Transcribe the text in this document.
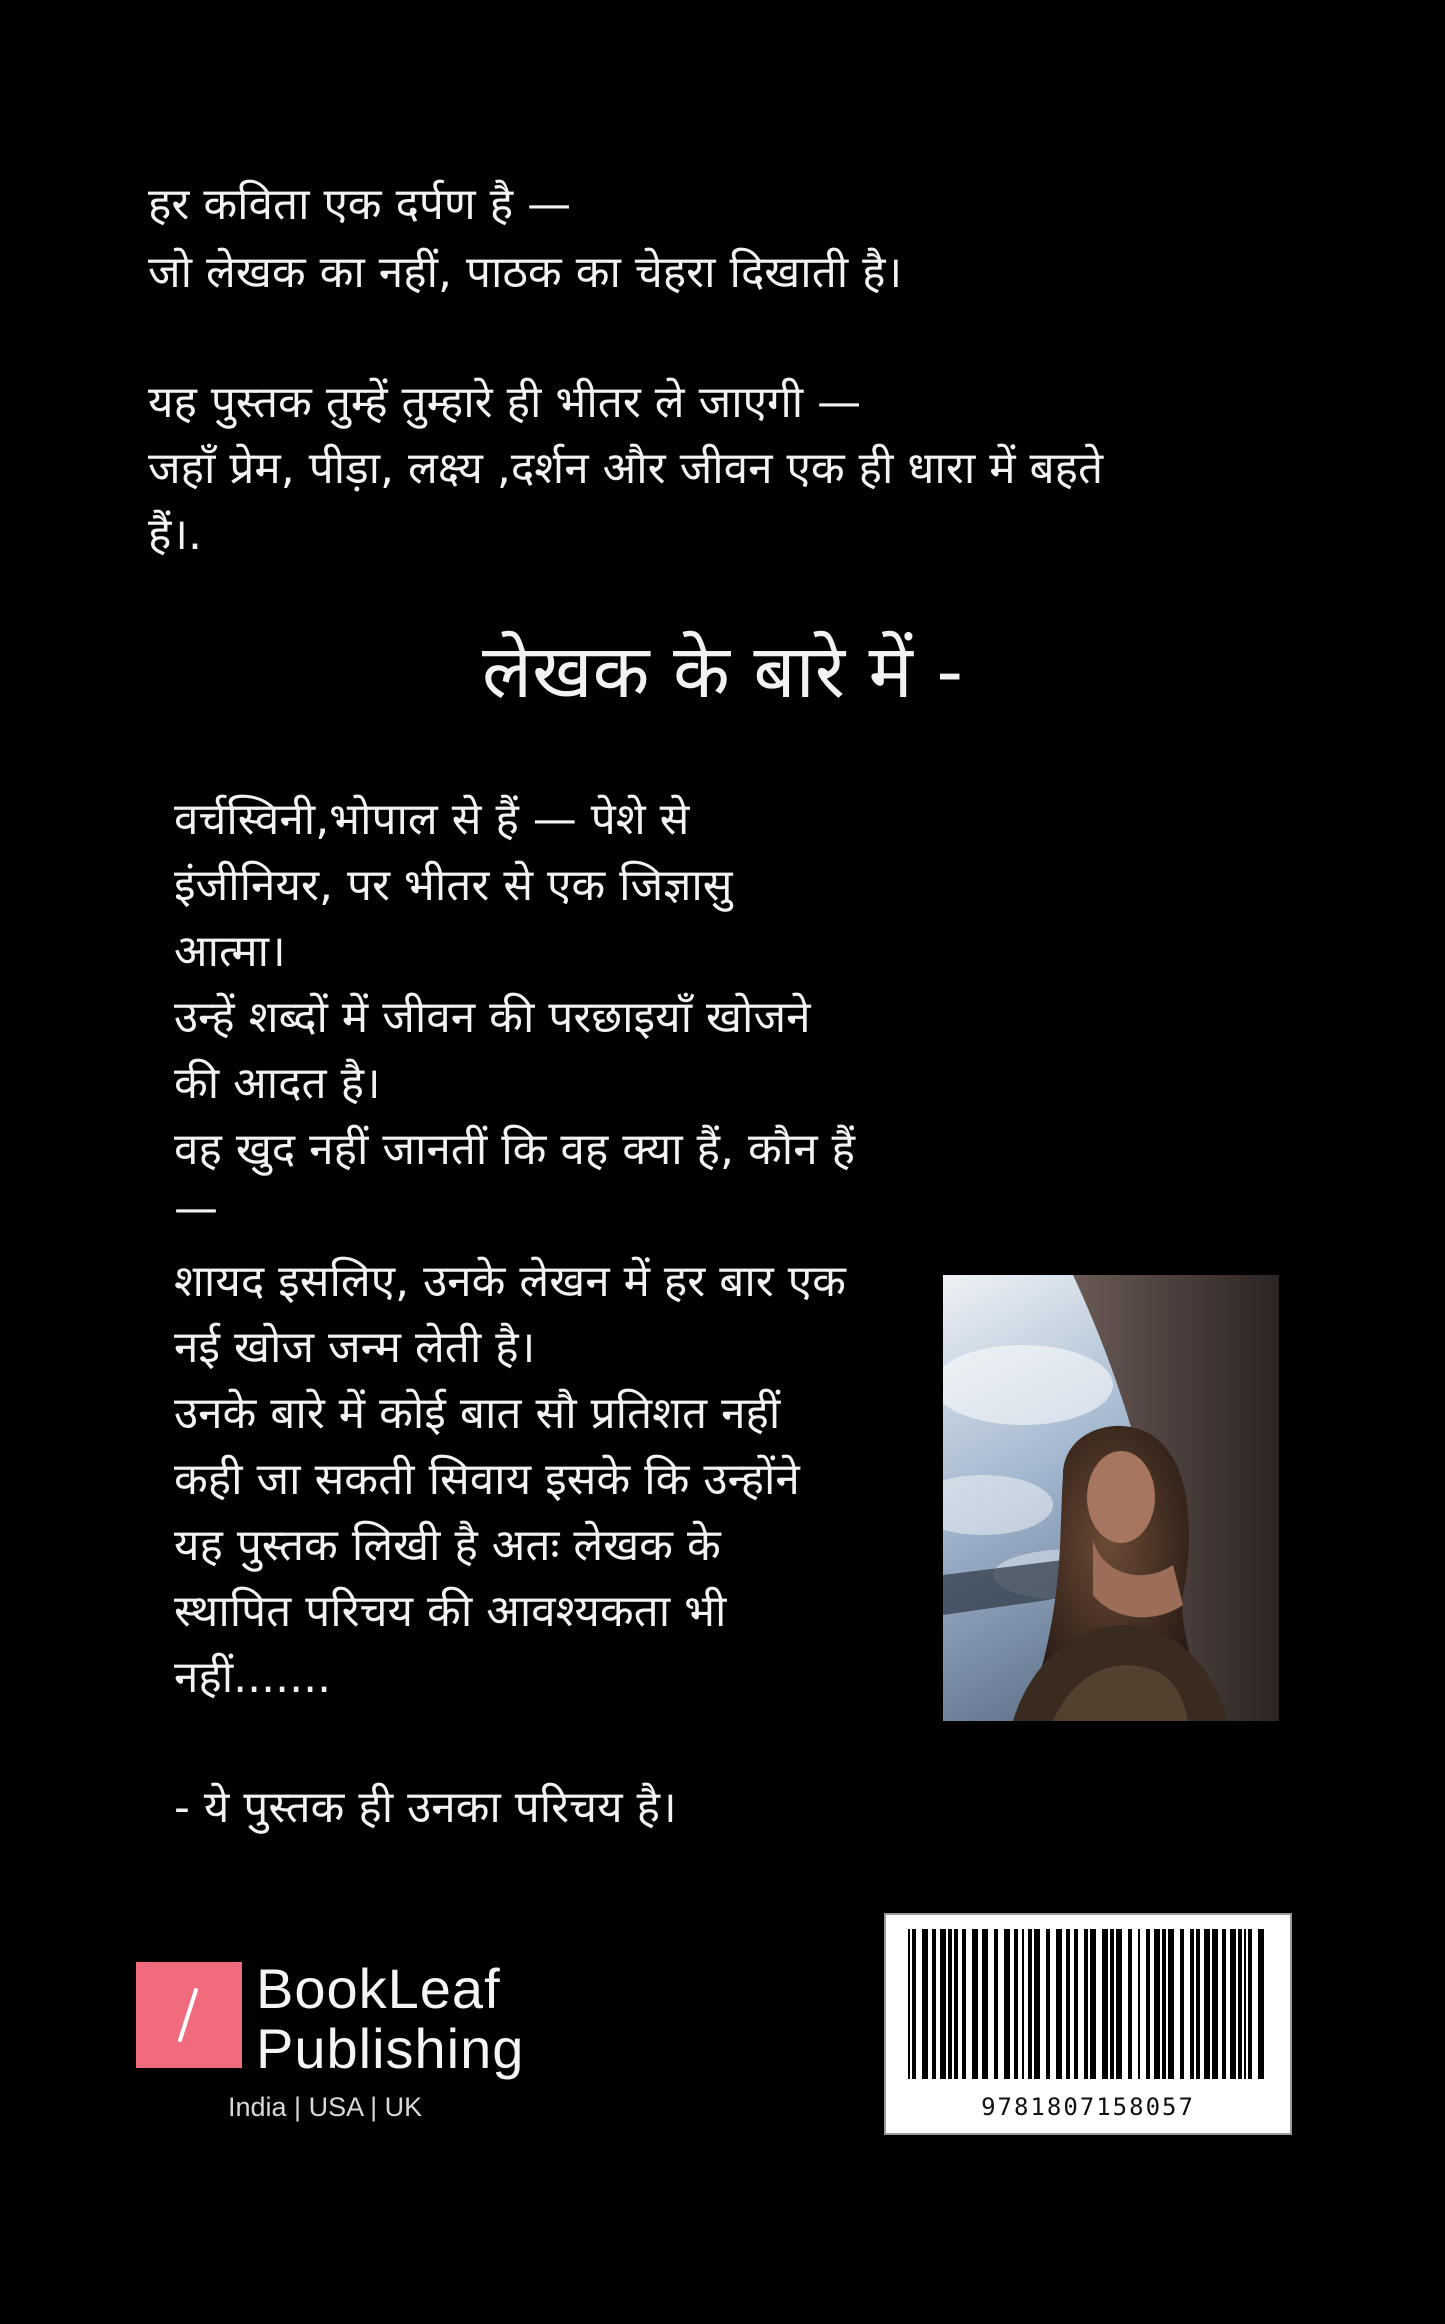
हर कविता एक दर्पण है —
जो लेखक का नहीं, पाठक का चेहरा दिखाती है।
यह पुस्तक तुम्हें तुम्हारे ही भीतर ले जाएगी —
जहाँ प्रेम, पीड़ा, लक्ष्य ,दर्शन और जीवन एक ही धारा में बहते
हैं।.
लेखक के बारे में -
वर्चस्विनी,भोपाल से हैं — पेशे से
इंजीनियर, पर भीतर से एक जिज्ञासु
आत्मा।
उन्हें शब्दों में जीवन की परछाइयाँ खोजने
की आदत है।
वह खुद नहीं जानतीं कि वह क्या हैं, कौन हैं
—
शायद इसलिए, उनके लेखन में हर बार एक
नई खोज जन्म लेती है।
उनके बारे में कोई बात सौ प्रतिशत नहीं
कही जा सकती सिवाय इसके कि उन्होंने
यह पुस्तक लिखी है अतः लेखक के
स्थापित परिचय की आवश्यकता भी
नहीं.......
- ये पुस्तक ही उनका परिचय है।
BookLeaf
Publishing
India | USA | UK	9781807158057
